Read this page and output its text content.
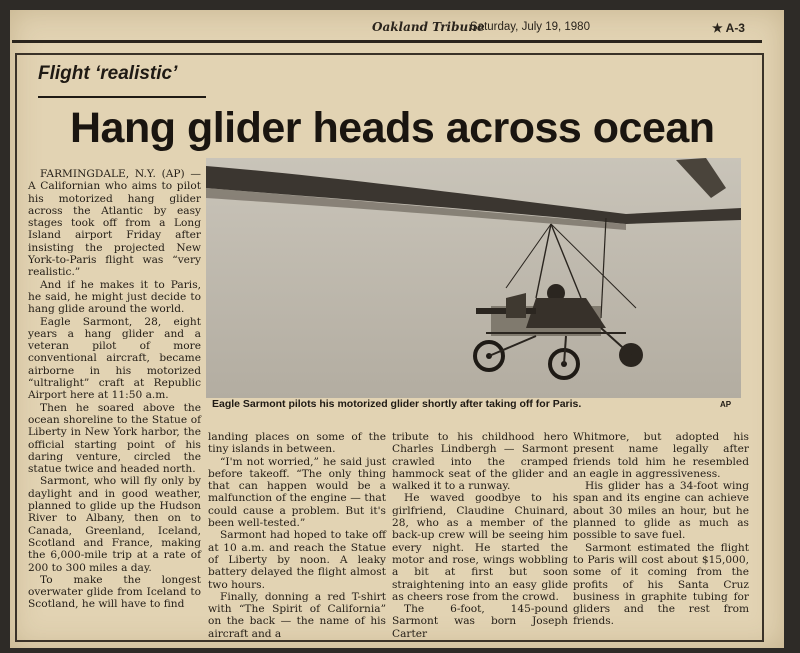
Oakland Tribune
Saturday, July 19, 1980	★ A-3
Flight ‘realistic’
Hang glider heads across ocean
Eagle Sarmont pilots his motorized glider shortly after taking off for Paris.	AP

FARMINGDALE, N.Y. (AP) — A Californian who aims to pilot his motorized hang glider across the Atlantic by easy stages took off from a Long Island airport Friday after insisting the projected New York-to-Paris flight was “very realistic.”

And if he makes it to Paris, he said, he might just decide to hang glide around the world.

Eagle Sarmont, 28, eight years a hang glider and a veteran pilot of more conventional aircraft, became airborne in his motorized “ultralight” craft at Republic Airport here at 11:50 a.m.

Then he soared above the ocean shoreline to the Statue of Liberty in New York harbor, the official starting point of his daring venture, circled the statue twice and headed north.

Sarmont, who will fly only by daylight and in good weather, planned to glide up the Hudson River to Albany, then on to Canada, Greenland, Iceland, Scotland and France, making the 6,000-mile trip at a rate of 200 to 300 miles a day.

To make the longest overwater glide from Iceland to Scotland, he will have to find

landing places on some of the tiny islands in between.

“I'm not worried,” he said just before takeoff. “The only thing that can happen would be a malfunction of the engine — that could cause a problem. But it's been well-tested.”

Sarmont had hoped to take off at 10 a.m. and reach the Statue of Liberty by noon. A leaky battery delayed the flight almost two hours.

Finally, donning a red T-shirt with “The Spirit of California” on the back — the name of his aircraft and a

tribute to his childhood hero Charles Lindbergh — Sarmont crawled into the cramped hammock seat of the glider and walked it to a runway.

He waved goodbye to his girlfriend, Claudine Chuinard, 28, who as a member of the back-up crew will be seeing him every night. He started the motor and rose, wings wobbling a bit at first but soon straightening into an easy glide as cheers rose from the crowd.

The 6-foot, 145-pound Sarmont was born Joseph Carter

Whitmore, but adopted his present name legally after friends told him he resembled an eagle in aggressiveness.

His glider has a 34-foot wing span and its engine can achieve about 30 miles an hour, but he planned to glide as much as possible to save fuel.

Sarmont estimated the flight to Paris will cost about $15,000, some of it coming from the profits of his Santa Cruz business in graphite tubing for gliders and the rest from friends.
